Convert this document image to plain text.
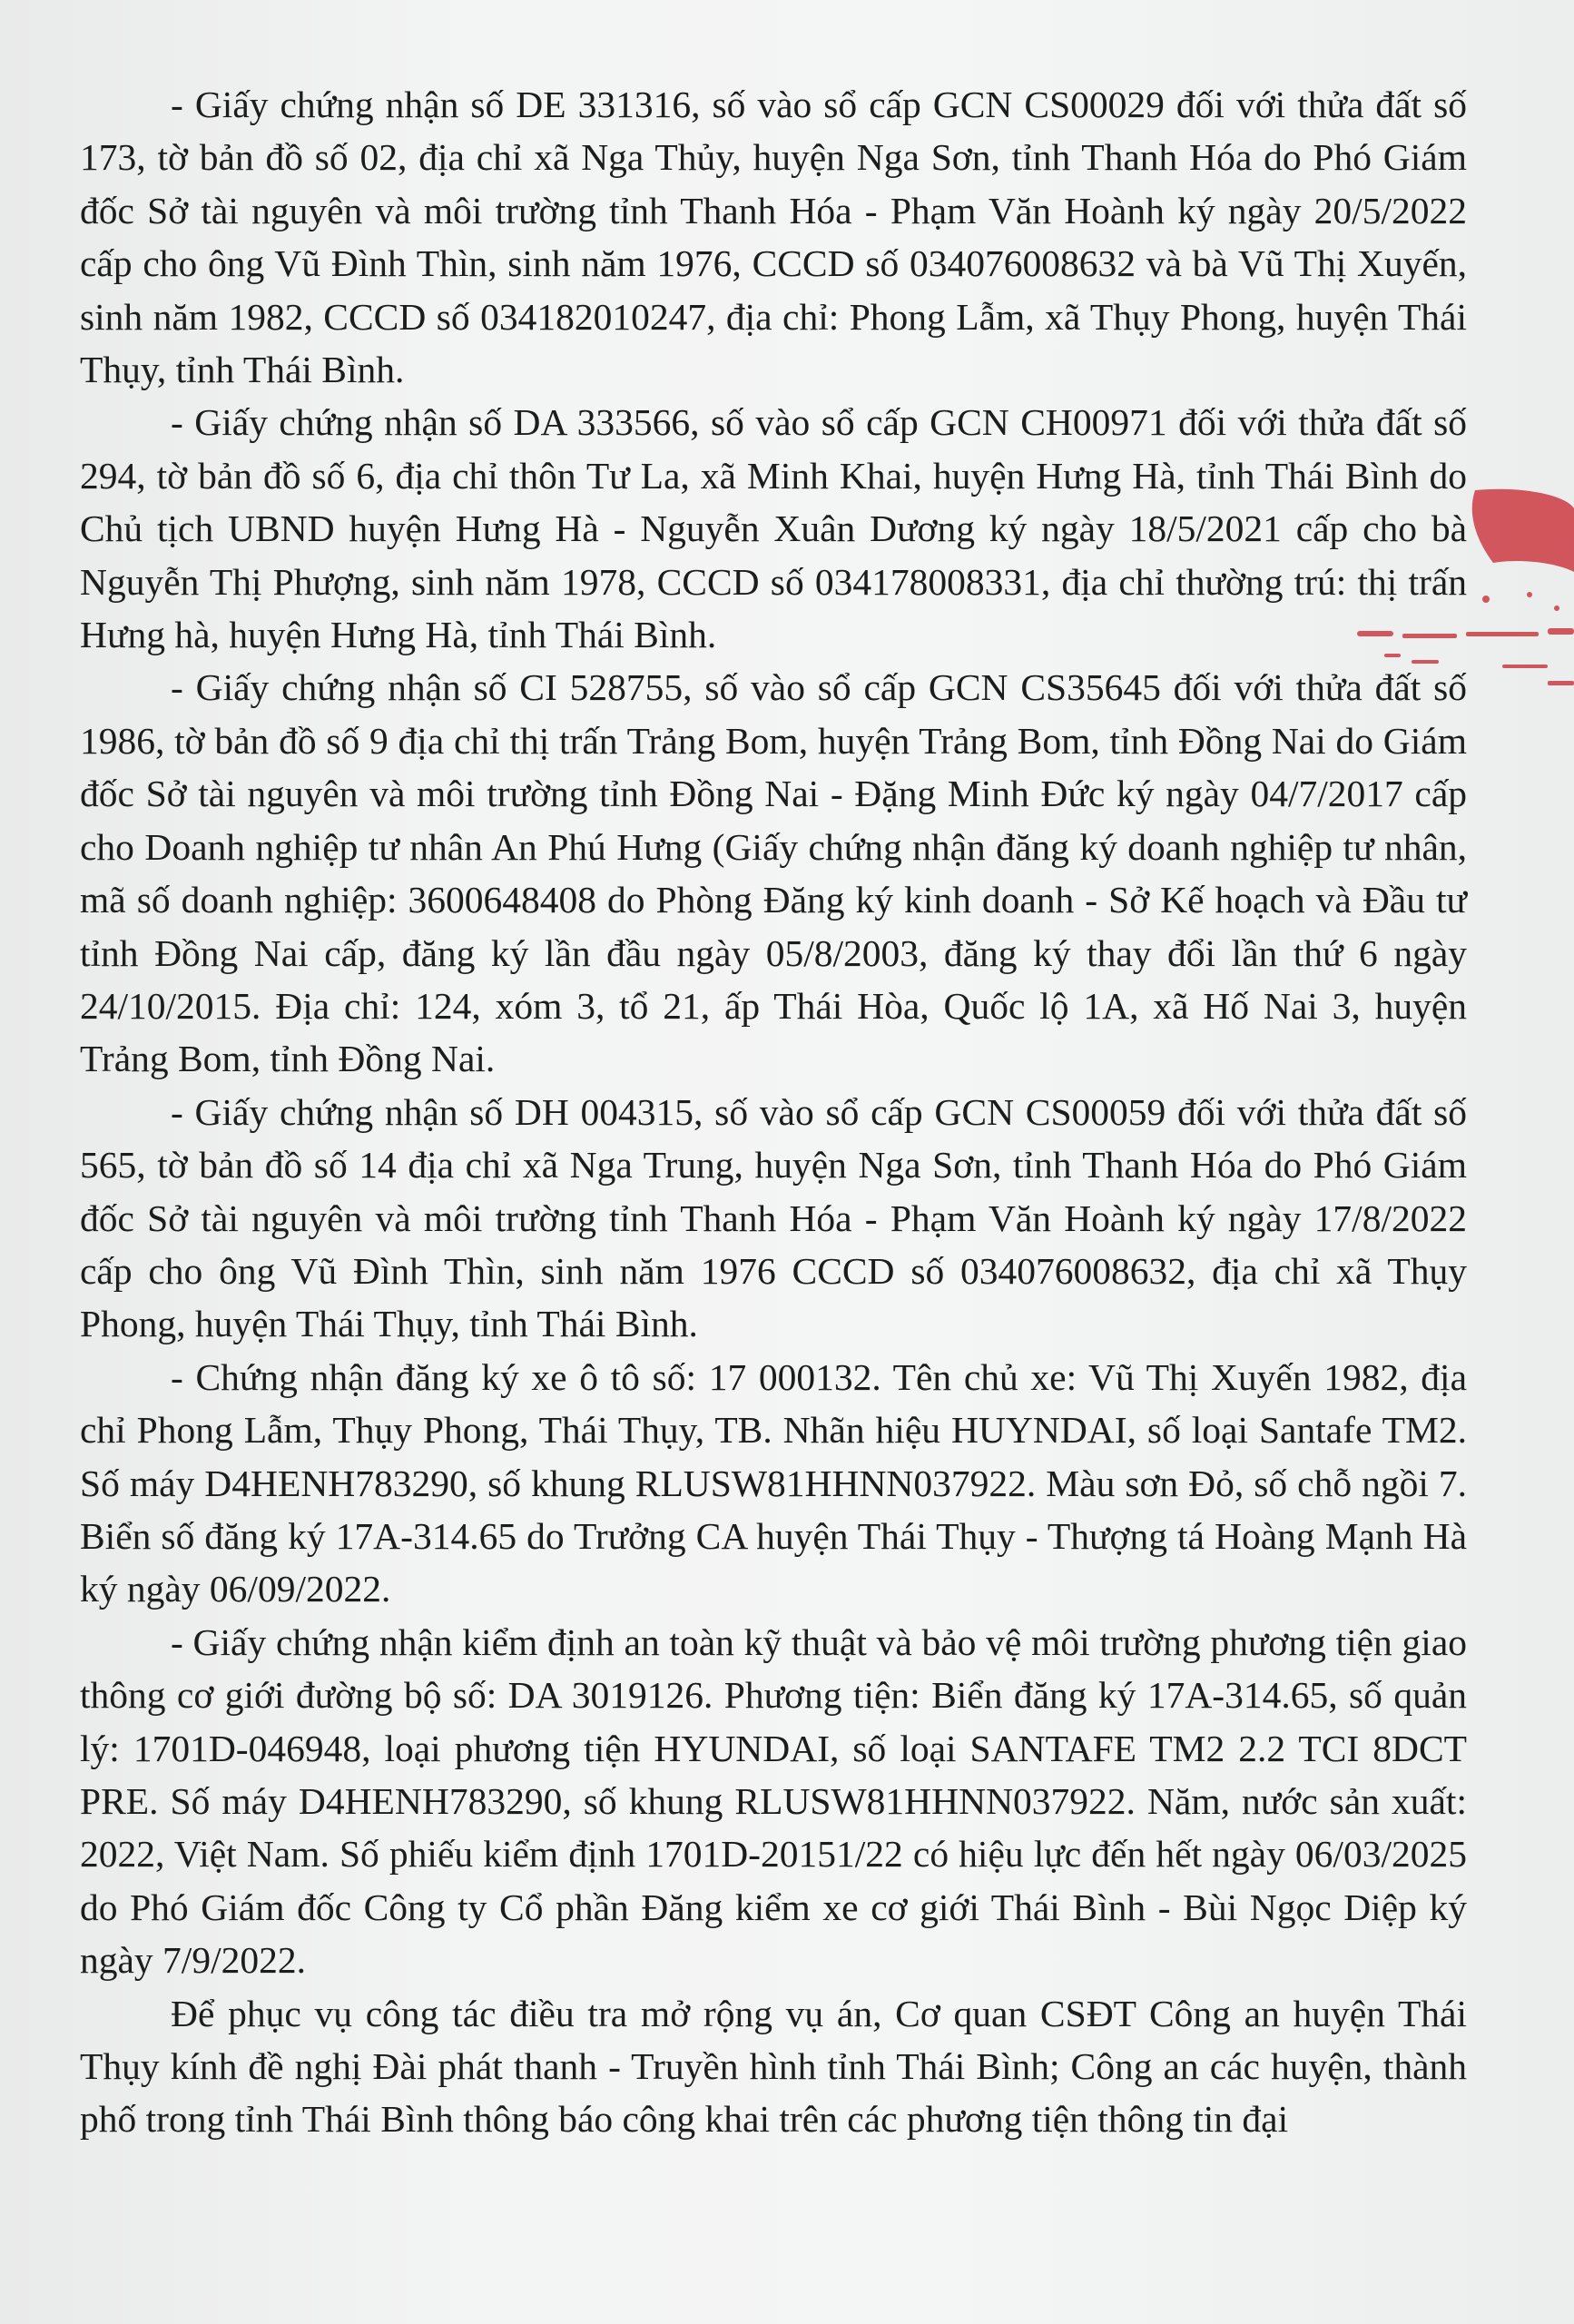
- Giấy chứng nhận số DE 331316, số vào sổ cấp GCN CS00029 đối với thửa đất số 173, tờ bản đồ số 02, địa chỉ xã Nga Thủy, huyện Nga Sơn, tỉnh Thanh Hóa do Phó Giám đốc Sở tài nguyên và môi trường tỉnh Thanh Hóa - Phạm Văn Hoành ký ngày 20/5/2022 cấp cho ông Vũ Đình Thìn, sinh năm 1976, CCCD số 034076008632 và bà Vũ Thị Xuyến, sinh năm 1982, CCCD số 034182010247, địa chỉ: Phong Lẫm, xã Thụy Phong, huyện Thái Thụy, tỉnh Thái Bình.

- Giấy chứng nhận số DA 333566, số vào sổ cấp GCN CH00971 đối với thửa đất số 294, tờ bản đồ số 6, địa chỉ thôn Tư La, xã Minh Khai, huyện Hưng Hà, tỉnh Thái Bình do Chủ tịch UBND huyện Hưng Hà - Nguyễn Xuân Dương ký ngày 18/5/2021 cấp cho bà Nguyễn Thị Phượng, sinh năm 1978, CCCD số 034178008331, địa chỉ thường trú: thị trấn Hưng hà, huyện Hưng Hà, tỉnh Thái Bình.

- Giấy chứng nhận số CI 528755, số vào sổ cấp GCN CS35645 đối với thửa đất số 1986, tờ bản đồ số 9 địa chỉ thị trấn Trảng Bom, huyện Trảng Bom, tỉnh Đồng Nai do Giám đốc Sở tài nguyên và môi trường tỉnh Đồng Nai - Đặng Minh Đức ký ngày 04/7/2017 cấp cho Doanh nghiệp tư nhân An Phú Hưng (Giấy chứng nhận đăng ký doanh nghiệp tư nhân, mã số doanh nghiệp: 3600648408 do Phòng Đăng ký kinh doanh - Sở Kế hoạch và Đầu tư tỉnh Đồng Nai cấp, đăng ký lần đầu ngày 05/8/2003, đăng ký thay đổi lần thứ 6 ngày 24/10/2015. Địa chỉ: 124, xóm 3, tổ 21, ấp Thái Hòa, Quốc lộ 1A, xã Hố Nai 3, huyện Trảng Bom, tỉnh Đồng Nai.

- Giấy chứng nhận số DH 004315, số vào sổ cấp GCN CS00059 đối với thửa đất số 565, tờ bản đồ số 14 địa chỉ xã Nga Trung, huyện Nga Sơn, tỉnh Thanh Hóa do Phó Giám đốc Sở tài nguyên và môi trường tỉnh Thanh Hóa - Phạm Văn Hoành ký ngày 17/8/2022 cấp cho ông Vũ Đình Thìn, sinh năm 1976 CCCD số 034076008632, địa chỉ xã Thụy Phong, huyện Thái Thụy, tỉnh Thái Bình.

- Chứng nhận đăng ký xe ô tô số: 17 000132. Tên chủ xe: Vũ Thị Xuyến 1982, địa chỉ Phong Lẫm, Thụy Phong, Thái Thụy, TB. Nhãn hiệu HUYNDAI, số loại Santafe TM2. Số máy D4HENH783290, số khung RLUSW81HHNN037922. Màu sơn Đỏ, số chỗ ngồi 7. Biển số đăng ký 17A-314.65 do Trưởng CA huyện Thái Thụy - Thượng tá Hoàng Mạnh Hà ký ngày 06/09/2022.

- Giấy chứng nhận kiểm định an toàn kỹ thuật và bảo vệ môi trường phương tiện giao thông cơ giới đường bộ số: DA 3019126. Phương tiện: Biển đăng ký 17A-314.65, số quản lý: 1701D-046948, loại phương tiện HYUNDAI, số loại SANTAFE TM2 2.2 TCI 8DCT PRE. Số máy D4HENH783290, số khung RLUSW81HHNN037922. Năm, nước sản xuất: 2022, Việt Nam. Số phiếu kiểm định 1701D-20151/22 có hiệu lực đến hết ngày 06/03/2025 do Phó Giám đốc Công ty Cổ phần Đăng kiểm xe cơ giới Thái Bình - Bùi Ngọc Diệp ký ngày 7/9/2022.

Để phục vụ công tác điều tra mở rộng vụ án, Cơ quan CSĐT Công an huyện Thái Thụy kính đề nghị Đài phát thanh - Truyền hình tỉnh Thái Bình; Công an các huyện, thành phố trong tỉnh Thái Bình thông báo công khai trên các phương tiện thông tin đại
